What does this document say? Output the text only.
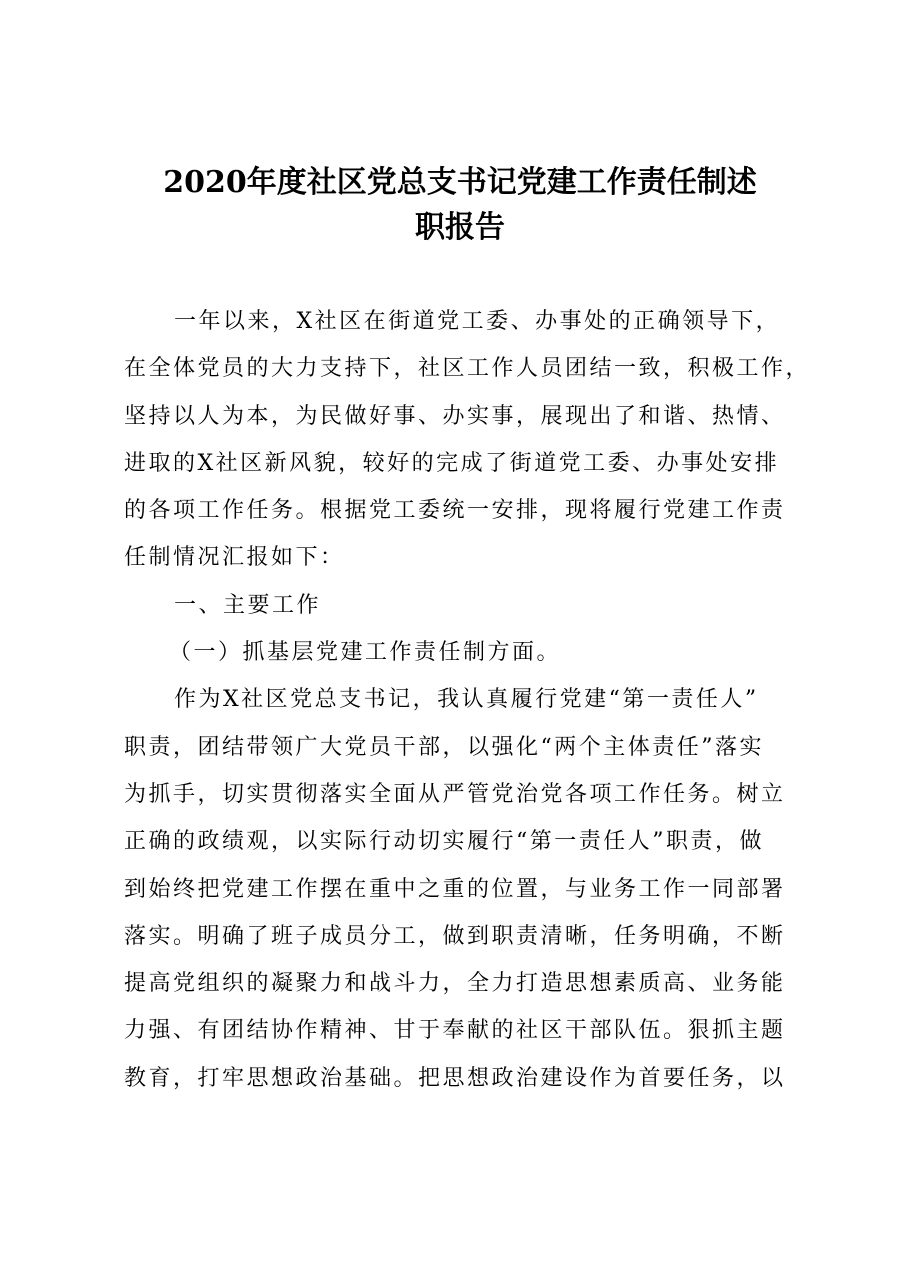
2020年度社区党总支书记党建工作责任制述
职报告
一年以来，X社区在街道党工委、办事处的正确领导下，
在全体党员的大力支持下，社区工作人员团结一致，积极工作，
坚持以人为本，为民做好事、办实事，展现出了和谐、热情、
进取的X社区新风貌，较好的完成了街道党工委、办事处安排
的各项工作任务。根据党工委统一安排，现将履行党建工作责
任制情况汇报如下：
一、主要工作
（一）抓基层党建工作责任制方面。
作为X社区党总支书记，我认真履行党建“第一责任人”
职责，团结带领广大党员干部，以强化“两个主体责任”落实
为抓手，切实贯彻落实全面从严管党治党各项工作任务。树立
正确的政绩观，以实际行动切实履行“第一责任人”职责，做
到始终把党建工作摆在重中之重的位置，与业务工作一同部署
落实。明确了班子成员分工，做到职责清晰，任务明确，不断
提高党组织的凝聚力和战斗力，全力打造思想素质高、业务能
力强、有团结协作精神、甘于奉献的社区干部队伍。狠抓主题
教育，打牢思想政治基础。把思想政治建设作为首要任务，以
